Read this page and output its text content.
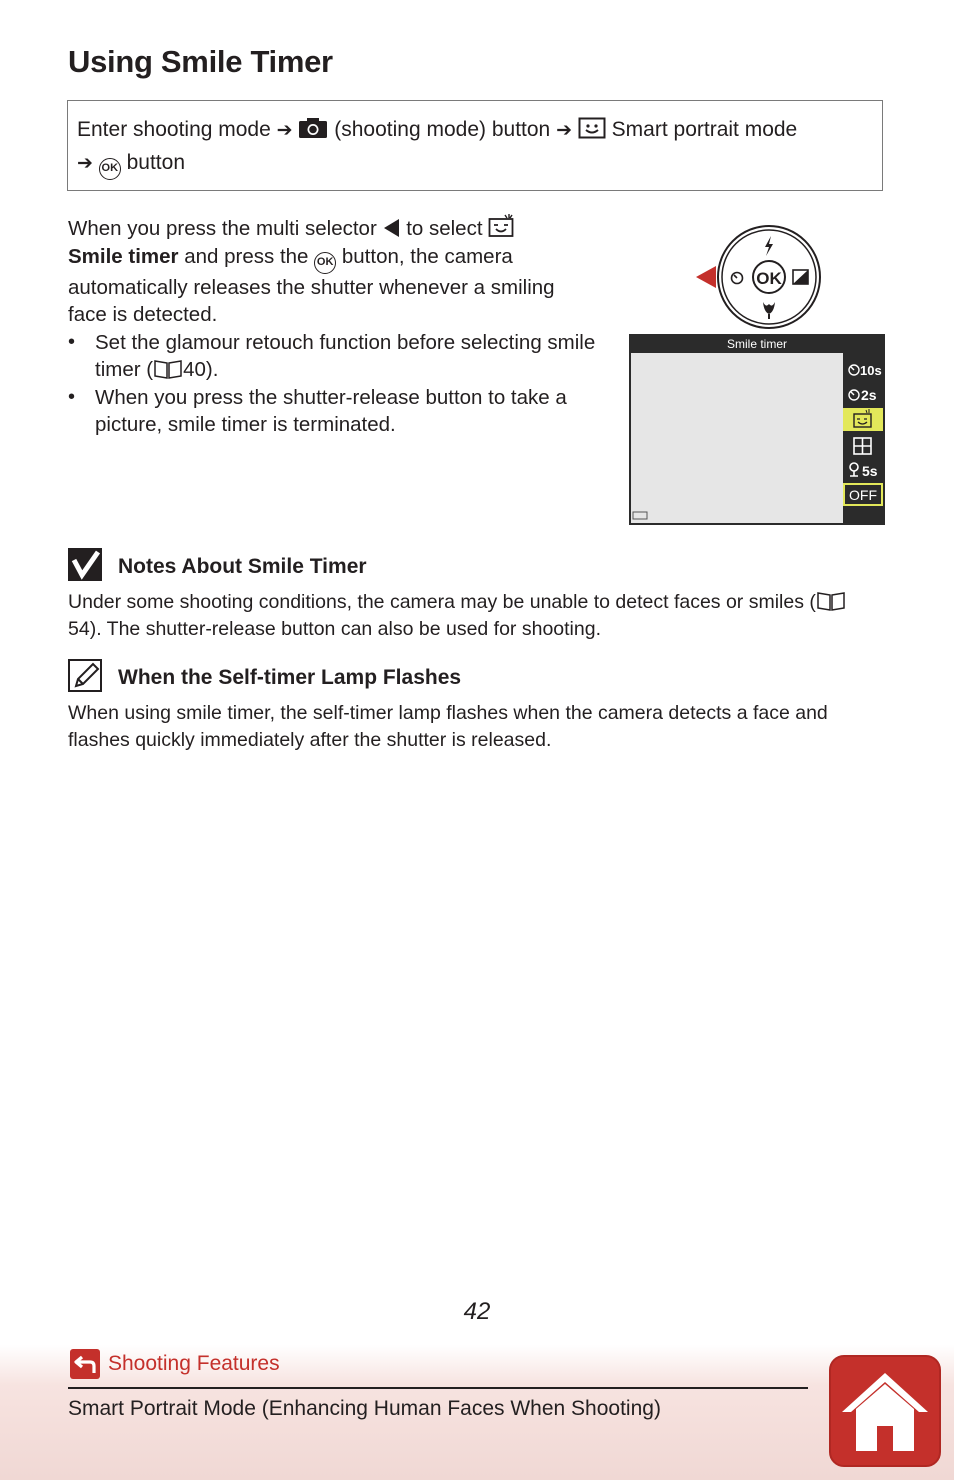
Using Smile Timer
Enter shooting mode ➔ (shooting mode) button ➔ Smart portrait mode
➔ OK button

When you press the multi selector to select
Smile timer and press the OK button, the camera automatically releases the shutter whenever a smiling face is detected.

• Set the glamour retouch function before selecting smile timer ( 40).
• When you press the shutter-release button to take a picture, smile timer is terminated.
OK
Smile timer
10s
2s
5s
OFF
Notes About Smile Timer
Under some shooting conditions, the camera may be unable to detect faces or smiles (54). The shutter-release button can also be used for shooting.
When the Self-timer Lamp Flashes
When using smile timer, the self-timer lamp flashes when the camera detects a face and flashes quickly immediately after the shutter is released.
42
Shooting Features
Smart Portrait Mode (Enhancing Human Faces When Shooting)
